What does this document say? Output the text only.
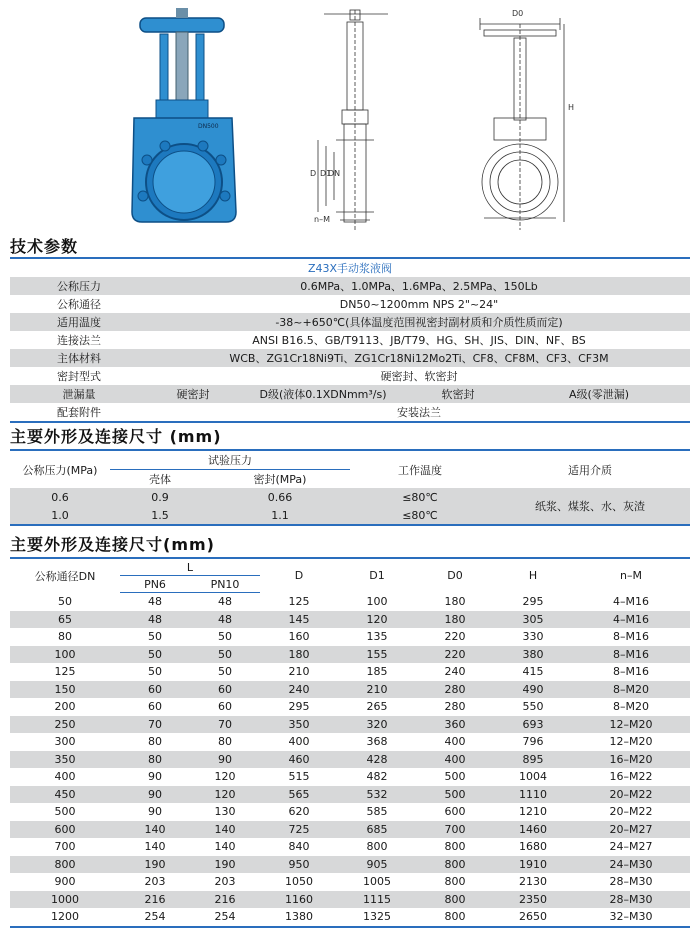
DN500
D D1
DN
n–M
D0
H
技术参数
Z43X手动浆液阀				
公称压力	0.6MPa、1.0MPa、1.6MPa、2.5MPa、150Lb			
公称通径	DN50~1200mm NPS 2"~24"			
适用温度	-38~+650℃(具体温度范围视密封副材质和介质性质而定)			
连接法兰	ANSI B16.5、GB/T9113、JB/T79、HG、SH、JIS、DIN、NF、BS			
主体材料	WCB、ZG1Cr18Ni9Ti、ZG1Cr18Ni12Mo2Ti、CF8、CF8M、CF3、CF3M			
密封型式	硬密封、软密封			
泄漏量	硬密封	D级(液体0.1XDNmm³/s)	软密封	A级(零泄漏)
配套附件	安装法兰			
主要外形及连接尺寸 (mm)
公称压力(MPa)	试验压力		工作温度	适用介质
	壳体	密封(MPa)		
0.6	0.9	0.66	≤80℃	纸浆、煤浆、水、灰渣
1.0	1.5	1.1	≤80℃	
主要外形及连接尺寸(mm)
公称通径DN	L		D	D1	D0	H	n–M
	PN6	PN10					
50	48	48	125	100	180	295	4–M16
65	48	48	145	120	180	305	4–M16
80	50	50	160	135	220	330	8–M16
100	50	50	180	155	220	380	8–M16
125	50	50	210	185	240	415	8–M16
150	60	60	240	210	280	490	8–M20
200	60	60	295	265	280	550	8–M20
250	70	70	350	320	360	693	12–M20
300	80	80	400	368	400	796	12–M20
350	80	90	460	428	400	895	16–M20
400	90	120	515	482	500	1004	16–M22
450	90	120	565	532	500	1110	20–M22
500	90	130	620	585	600	1210	20–M22
600	140	140	725	685	700	1460	20–M27
700	140	140	840	800	800	1680	24–M27
800	190	190	950	905	800	1910	24–M30
900	203	203	1050	1005	800	2130	28–M30
1000	216	216	1160	1115	800	2350	28–M30
1200	254	254	1380	1325	800	2650	32–M30
